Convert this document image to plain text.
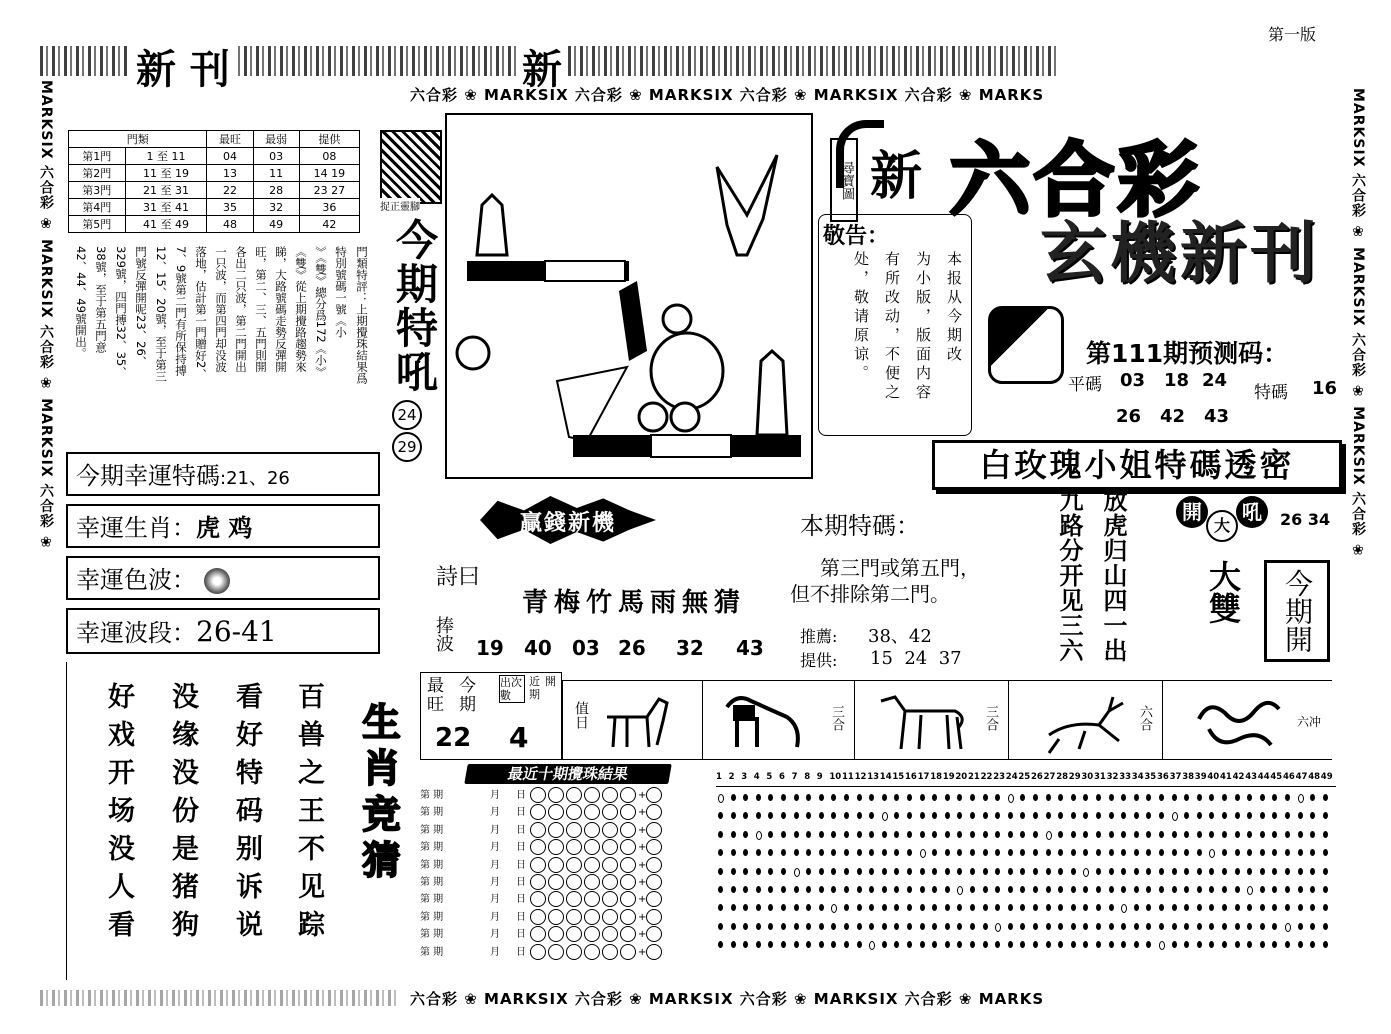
第一版
新 刊	新
六合彩 ❀ MARKSIX 六合彩 ❀ MARKSIX 六合彩 ❀ MARKSIX 六合彩 ❀ MARKS
六合彩 ❀ MARKSIX 六合彩 ❀ MARKSIX 六合彩 ❀ MARKSIX 六合彩 ❀ MARKS
MARKSIX 六合彩 ❀ MARKSIX 六合彩 ❀ MARKSIX 六合彩 ❀	MARKSIX 六合彩 ❀ MARKSIX 六合彩 ❀ MARKSIX 六合彩 ❀
門類		最旺	最弱	提供
第1門	1 至 11	04	03	08
第2門	11 至 19	13	11	14 19
第3門	21 至 31	22	28	23 27
第4門	31 至 41	35	32	36
第5門	41 至 49	48	49	42
門類特評：上期攪珠結果爲
特別號碼一號《小
》《雙》總分爲172《小》
《雙》從上期攪路趨勢來
睇，大路號碼走勢反彈開
旺，第二、三、五門則開
各出二只波，第二門開出
一只波，而第四門却没波
落地，估計第一門贈好2、
7、9號第二門有所保持搏
12、15、20號，至于第三
門號反彈開呢23、26、
329號，四門搏32、35、
38號，至于第五門意
42、44、49號開出。
捉正靈腳
今期特吼
24
29
尋寶圖 新 六合彩
玄機新刊
敬告：
本报从今期改
为小版，版面内容
有所改动，不便之
处，敬请原谅。	第111期预测码：
平碼 03 18 24
特碼 16
26 42 43
白玫瑰小姐特碼透密
今期幸運特碼:21、26
幸運生肖：虎 鸡
幸運色波：
幸運波段：26-41
百兽之王不见踪
看好特码别诉说
没缘没份是猪狗
好戏开场没人看	生肖竞猜
贏錢新機
詩曰
青梅竹馬雨無猜
捧波 19 40 03 26 32 43
本期特碼：
第三門或第五門，
但不排除第二門。
推薦: 38、42
提供: 15  24  37	放虎归山四一出
九路分开见三六	開
大
吼	26 34
大雙	今期開
最旺
今期
出次數
近期
開
22 4
值日	三合	三合	六合	六冲
最近十期攪珠結果
第 期	月 日	+
第 期	月 日	+
第 期	月 日	+
第 期	月 日	+
第 期	月 日	+
第 期	月 日	+
第 期	月 日	+
第 期	月 日	+
第 期	月 日	+
第 期	月 日	+
1 2 3 4 5 6 7 8 9 10 11 12 13 14 15 16 17 18 19 20 21 22 23 24 25 26 27 28 29 30 31 32 33 34 35 36 37 38 39 40 41 42 43 44 45 46 47 48 49
